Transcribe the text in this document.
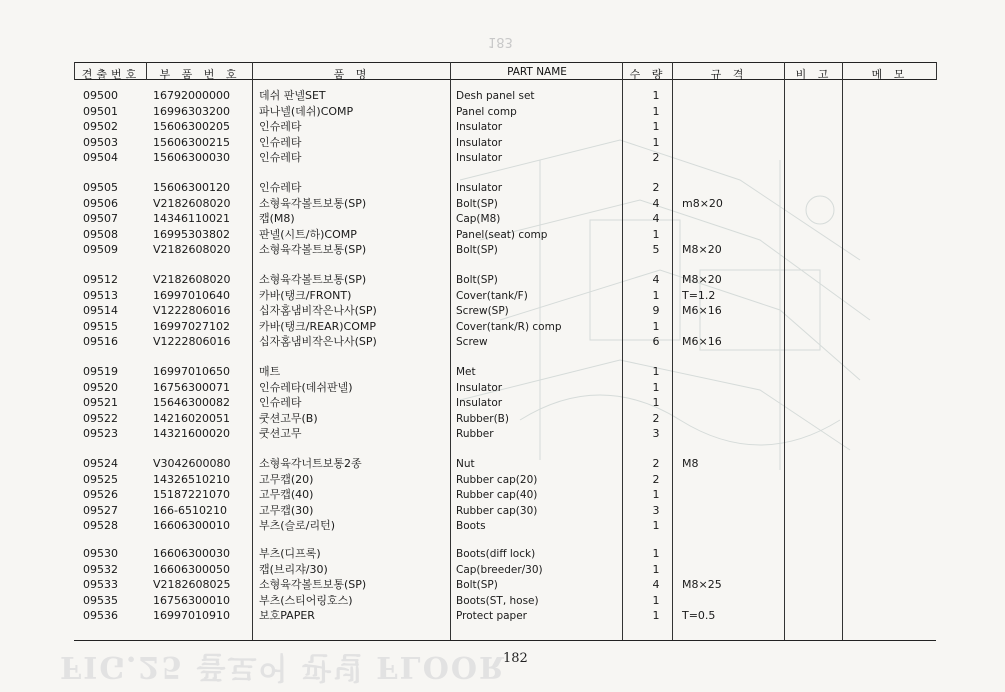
183
견출번호	부 품 번 호	품 명	PART NAME	수 량	규 격	비 고	메 모
09500	16792000000	데쉬 판넬SET	Desh panel set	1
09501	16996303200	파나넬(데쉬)COMP	Panel comp	1
09502	15606300205	인슈레타	Insulator	1
09503	15606300215	인슈레타	Insulator	1
09504	15606300030	인슈레타	Insulator	2
09505	15606300120	인슈레타	Insulator	2
09506	V2182608020	소형육각볼트보통(SP)	Bolt(SP)	4	m8×20
09507	14346110021	캡(M8)	Cap(M8)	4
09508	16995303802	판넬(시트/하)COMP	Panel(seat) comp	1
09509	V2182608020	소형육각볼트보통(SP)	Bolt(SP)	5	M8×20
09512	V2182608020	소형육각볼트보통(SP)	Bolt(SP)	4	M8×20
09513	16997010640	카바(탱크/FRONT)	Cover(tank/F)	1	T=1.2
09514	V1222806016	십자홈냄비작은나사(SP)	Screw(SP)	9	M6×16
09515	16997027102	카바(탱크/REAR)COMP	Cover(tank/R) comp	1
09516	V1222806016	십자홈냄비작은나사(SP)	Screw	6	M6×16
09519	16997010650	매트	Met	1
09520	16756300071	인슈레타(데쉬판넬)	Insulator	1
09521	15646300082	인슈레타	Insulator	1
09522	14216020051	쿳션고무(B)	Rubber(B)	2
09523	14321600020	쿳션고무	Rubber	3
09524	V3042600080	소형육각너트보통2종	Nut	2	M8
09525	14326510210	고무캡(20)	Rubber cap(20)	2
09526	15187221070	고무캡(40)	Rubber cap(40)	1
09527	166-6510210	고무캡(30)	Rubber cap(30)	3
09528	16606300010	부츠(슬로/리턴)	Boots	1
09530	16606300030	부츠(디프록)	Boots(diff lock)	1
09532	16606300050	캡(브리쟈/30)	Cap(breeder/30)	1
09533	V2182608025	소형육각볼트보통(SP)	Bolt(SP)	4	M8×25
09535	16756300010	부츠(스티어링호스)	Boots(ST, hose)	1
09536	16997010910	보호PAPER	Protect paper	1	T=0.5
182
FIG.25 플로어 판넬 FLOOR
